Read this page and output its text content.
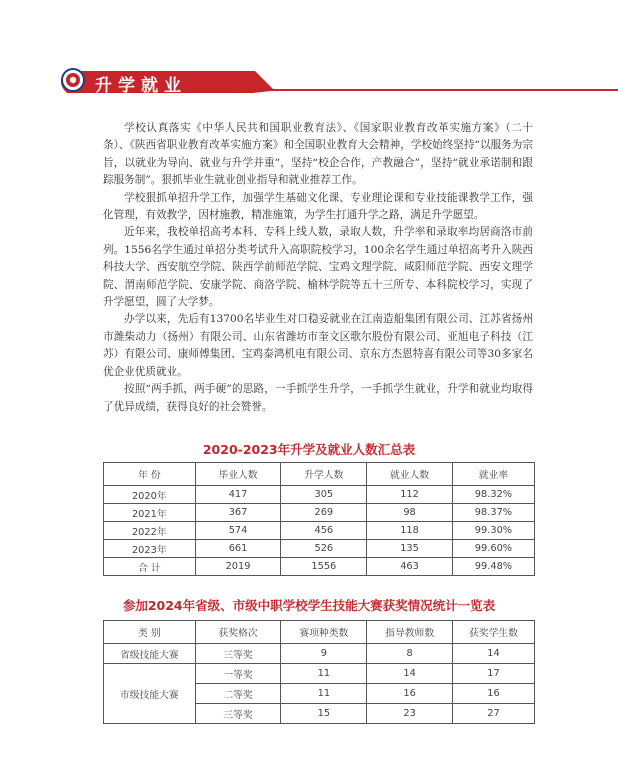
升学就业

学校认真落实《中华人民共和国职业教育法》、《国家职业教育改革实施方案》（二十条）、《陕西省职业教育改革实施方案》和全国职业教育大会精神，学校始终坚持“以服务为宗旨，以就业为导向、就业与升学并重”，坚持“校企合作，产教融合”，坚持“就业承诺制和跟踪服务制”。狠抓毕业生就业创业指导和就业推荐工作。

学校狠抓单招升学工作，加强学生基础文化课、专业理论课和专业技能课教学工作，强化管理，有效教学，因材施教，精准施策，为学生打通升学之路，满足升学愿望。

近年来，我校单招高考本科、专科上线人数，录取人数，升学率和录取率均居商洛市前列。1556名学生通过单招分类考试升入高职院校学习，100余名学生通过单招高考升入陕西科技大学、西安航空学院、陕西学前师范学院、宝鸡文理学院、咸阳师范学院、西安文理学院、渭南师范学院、安康学院、商洛学院、榆林学院等五十三所专、本科院校学习，实现了升学愿望，圆了大学梦。

办学以来，先后有13700名毕业生对口稳妥就业在江南造船集团有限公司、江苏省扬州市潍柴动力（扬州）有限公司、山东省潍坊市奎文区歌尔股份有限公司、亚旭电子科技（江苏）有限公司、康师傅集团、宝鸡泰鸿机电有限公司、京东方杰恩特喜有限公司等30多家名优企业优质就业。

按照“两手抓，两手硬”的思路，一手抓学生升学，一手抓学生就业，升学和就业均取得了优异成绩，获得良好的社会赞誉。

2020-2023年升学及就业人数汇总表
年 份	毕业人数	升学人数	就业人数	就业率
2020年	417	305	112	98.32%
2021年	367	269	98	98.37%
2022年	574	456	118	99.30%
2023年	661	526	135	99.60%
合 计	2019	1556	463	99.48%
参加2024年省级、市级中职学校学生技能大赛获奖情况统计一览表
类 别	获奖格次	赛项种类数	指导教师数	获奖学生数
省级技能大赛	三等奖	9	8	14
市级技能大赛	一等奖	11	14	17
	二等奖	11	16	16
	三等奖	15	23	27
